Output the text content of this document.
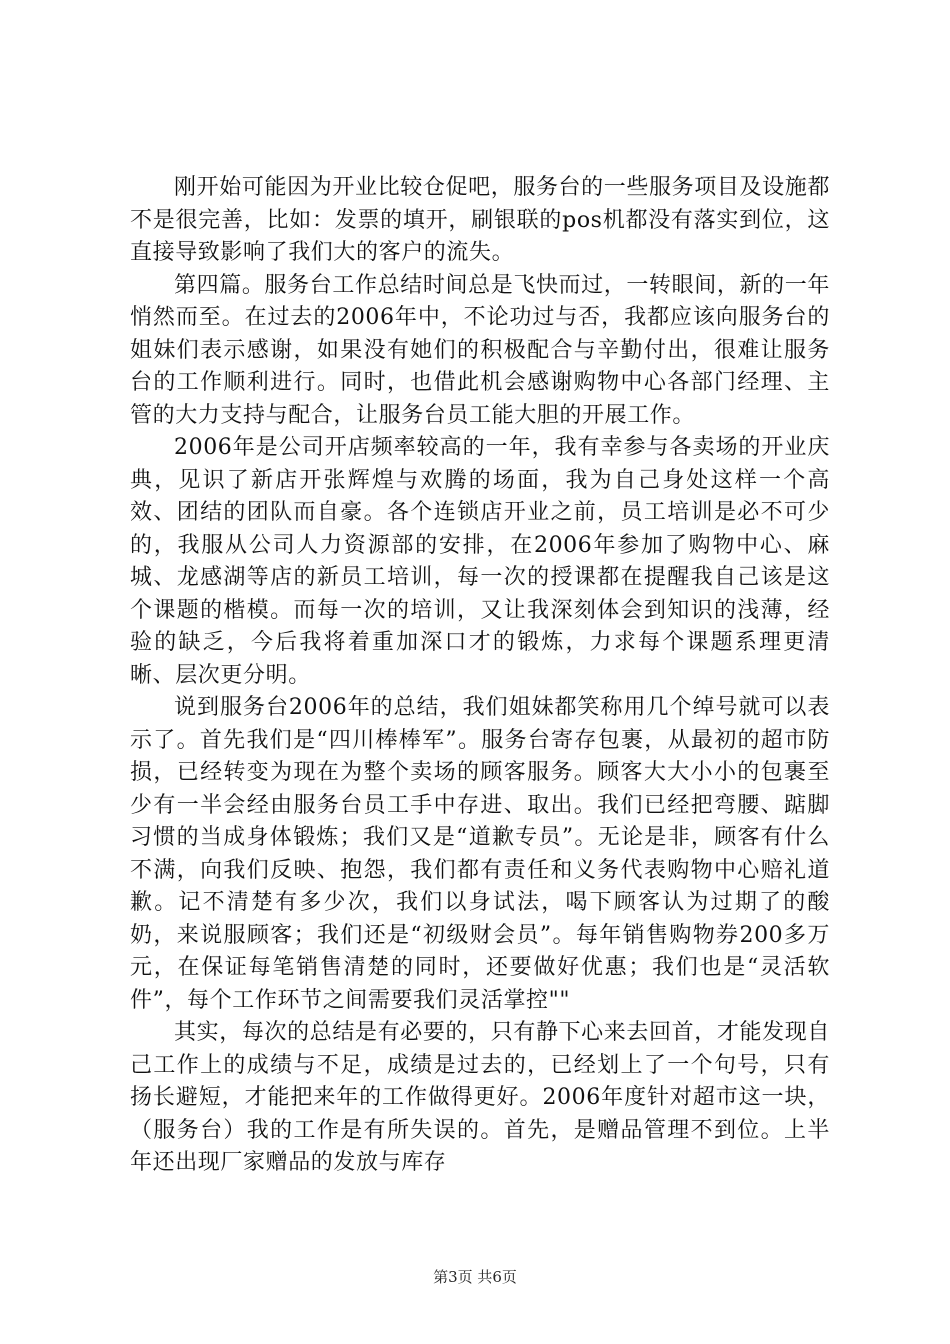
刚开始可能因为开业比较仓促吧，服务台的一些服务项目及设施都不是很完善，比如：发票的填开，刷银联的pos机都没有落实到位，这直接导致影响了我们大的客户的流失。

第四篇。服务台工作总结时间总是飞快而过，一转眼间，新的一年悄然而至。在过去的2006年中，不论功过与否，我都应该向服务台的姐妹们表示感谢，如果没有她们的积极配合与辛勤付出，很难让服务台的工作顺利进行。同时，也借此机会感谢购物中心各部门经理、主管的大力支持与配合，让服务台员工能大胆的开展工作。

2006年是公司开店频率较高的一年，我有幸参与各卖场的开业庆典，见识了新店开张辉煌与欢腾的场面，我为自己身处这样一个高效、团结的团队而自豪。各个连锁店开业之前，员工培训是必不可少的，我服从公司人力资源部的安排，在2006年参加了购物中心、麻城、龙感湖等店的新员工培训，每一次的授课都在提醒我自己该是这个课题的楷模。而每一次的培训，又让我深刻体会到知识的浅薄，经验的缺乏，今后我将着重加深口才的锻炼，力求每个课题系理更清晰、层次更分明。

说到服务台2006年的总结，我们姐妹都笑称用几个绰号就可以表示了。首先我们是“四川棒棒军”。服务台寄存包裹，从最初的超市防损，已经转变为现在为整个卖场的顾客服务。顾客大大小小的包裹至少有一半会经由服务台员工手中存进、取出。我们已经把弯腰、踮脚习惯的当成身体锻炼；我们又是“道歉专员”。无论是非，顾客有什么不满，向我们反映、抱怨，我们都有责任和义务代表购物中心赔礼道歉。记不清楚有多少次，我们以身试法，喝下顾客认为过期了的酸奶，来说服顾客；我们还是“初级财会员”。每年销售购物券200多万元，在保证每笔销售清楚的同时，还要做好优惠；我们也是“灵活软件”，每个工作环节之间需要我们灵活掌控""

其实，每次的总结是有必要的，只有静下心来去回首，才能发现自己工作上的成绩与不足，成绩是过去的，已经划上了一个句号，只有扬长避短，才能把来年的工作做得更好。2006年度针对超市这一块，（服务台）我的工作是有所失误的。首先，是赠品管理不到位。上半年还出现厂家赠品的发放与库存

第3页 共6页
